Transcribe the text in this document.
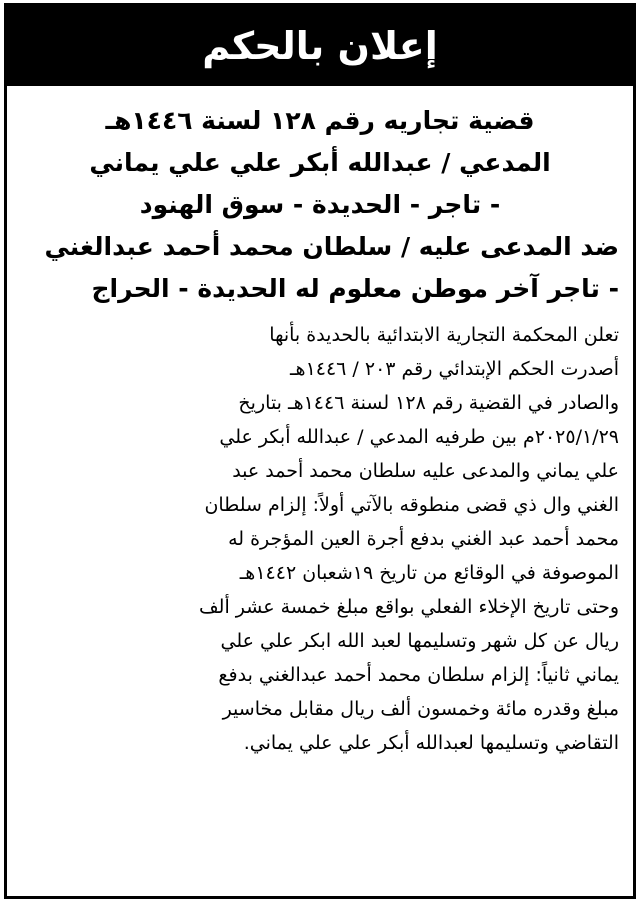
إعلان بالحكم
قضية تجاريه رقم ١٢٨ لسنة ١٤٤٦هـ
المدعي / عبدالله أبكر علي علي يماني
- تاجر - الحديدة - سوق الهنود
ضد المدعى عليه / سلطان محمد أحمد عبدالغني
- تاجر آخر موطن معلوم له الحديدة - الحراج
تعلن المحكمة التجارية الابتدائية بالحديدة بأنها
أصدرت الحكم الإبتدائي رقم ٢٠٣ / ١٤٤٦هـ
والصادر في القضية رقم ١٢٨ لسنة ١٤٤٦هـ بتاريخ
٢٠٢٥/١/٢٩م بين طرفيه المدعي / عبدالله أبكر علي
علي يماني والمدعى عليه سلطان محمد أحمد عبد
الغني وال ذي قضى منطوقه بالآتي أولاً: إلزام سلطان
محمد أحمد عبد الغني بدفع أجرة العين المؤجرة له
الموصوفة في الوقائع من تاريخ ١٩شعبان ١٤٤٢هـ
وحتى تاريخ الإخلاء الفعلي بواقع مبلغ خمسة عشر ألف
ريال عن كل شهر وتسليمها لعبد الله ابكر علي علي
يماني ثانياً: إلزام سلطان محمد أحمد عبدالغني بدفع
مبلغ وقدره مائة وخمسون ألف ريال مقابل مخاسير
التقاضي وتسليمها لعبدالله أبكر علي علي يماني.
